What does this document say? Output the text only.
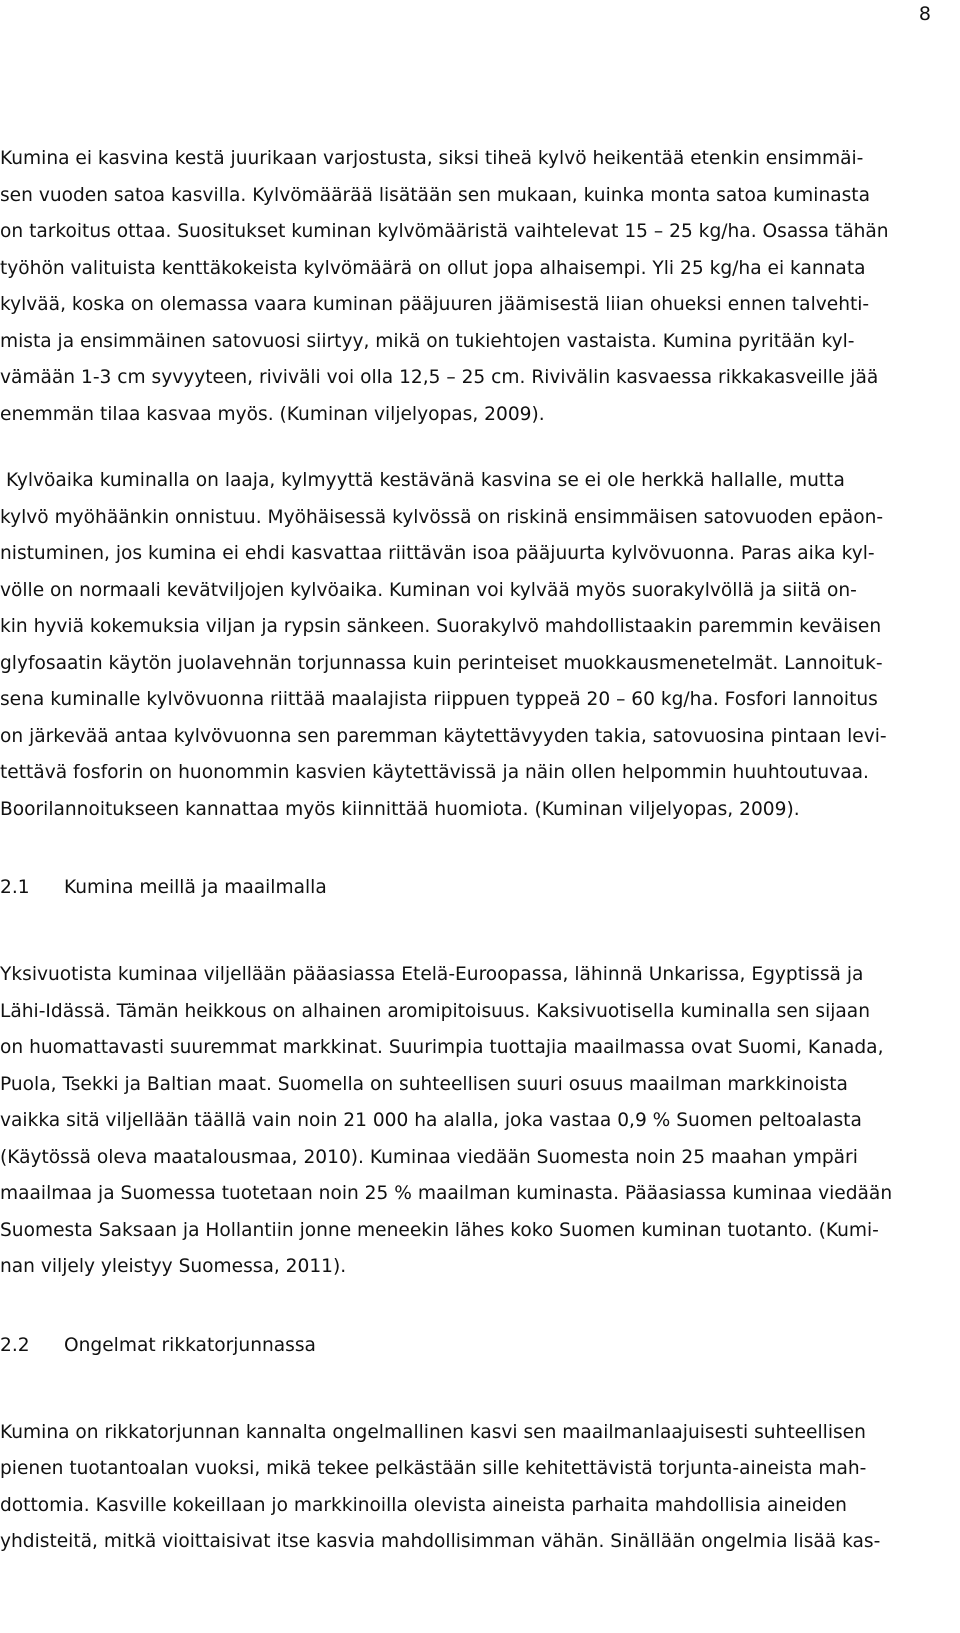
8
Kumina ei kasvina kestä juurikaan varjostusta, siksi tiheä kylvö heikentää etenkin ensimmäi-
sen vuoden satoa kasvilla. Kylvömäärää lisätään sen mukaan, kuinka monta satoa kuminasta
on tarkoitus ottaa. Suositukset kuminan kylvömääristä vaihtelevat 15 – 25 kg/ha. Osassa tähän
työhön valituista kenttäkokeista kylvömäärä on ollut jopa alhaisempi. Yli 25 kg/ha ei kannata
kylvää, koska on olemassa vaara kuminan pääjuuren jäämisestä liian ohueksi ennen talvehti-
mista ja ensimmäinen satovuosi siirtyy, mikä on tukiehtojen vastaista. Kumina pyritään kyl-
vämään 1-3 cm syvyyteen, riviväli voi olla 12,5 – 25 cm. Rivivälin kasvaessa rikkakasveille jää
enemmän tilaa kasvaa myös. (Kuminan viljelyopas, 2009).
Kylvöaika kuminalla on laaja, kylmyyttä kestävänä kasvina se ei ole herkkä hallalle, mutta
kylvö myöhäänkin onnistuu. Myöhäisessä kylvössä on riskinä ensimmäisen satovuoden epäon-
nistuminen, jos kumina ei ehdi kasvattaa riittävän isoa pääjuurta kylvövuonna. Paras aika kyl-
völle on normaali kevätviljojen kylvöaika. Kuminan voi kylvää myös suorakylvöllä ja siitä on-
kin hyviä kokemuksia viljan ja rypsin sänkeen. Suorakylvö mahdollistaakin paremmin keväisen
glyfosaatin käytön juolavehnän torjunnassa kuin perinteiset muokkausmenetelmät. Lannoituk-
sena kuminalle kylvövuonna riittää maalajista riippuen typpeä 20 – 60 kg/ha. Fosfori lannoitus
on järkevää antaa kylvövuonna sen paremman käytettävyyden takia, satovuosina pintaan levi-
tettävä fosforin on huonommin kasvien käytettävissä ja näin ollen helpommin huuhtoutuvaa.
Boorilannoitukseen kannattaa myös kiinnittää huomiota. (Kuminan viljelyopas, 2009).
2.1 Kumina meillä ja maailmalla
Yksivuotista kuminaa viljellään pääasiassa Etelä-Euroopassa, lähinnä Unkarissa, Egyptissä ja
Lähi-Idässä. Tämän heikkous on alhainen aromipitoisuus. Kaksivuotisella kuminalla sen sijaan
on huomattavasti suuremmat markkinat. Suurimpia tuottajia maailmassa ovat Suomi, Kanada,
Puola, Tsekki ja Baltian maat. Suomella on suhteellisen suuri osuus maailman markkinoista
vaikka sitä viljellään täällä vain noin 21 000 ha alalla, joka vastaa 0,9 % Suomen peltoalasta
(Käytössä oleva maatalousmaa, 2010). Kuminaa viedään Suomesta noin 25 maahan ympäri
maailmaa ja Suomessa tuotetaan noin 25 % maailman kuminasta. Pääasiassa kuminaa viedään
Suomesta Saksaan ja Hollantiin jonne meneekin lähes koko Suomen kuminan tuotanto. (Kumi-
nan viljely yleistyy Suomessa, 2011).
2.2 Ongelmat rikkatorjunnassa
Kumina on rikkatorjunnan kannalta ongelmallinen kasvi sen maailmanlaajuisesti suhteellisen
pienen tuotantoalan vuoksi, mikä tekee pelkästään sille kehitettävistä torjunta-aineista mah-
dottomia. Kasville kokeillaan jo markkinoilla olevista aineista parhaita mahdollisia aineiden
yhdisteitä, mitkä vioittaisivat itse kasvia mahdollisimman vähän. Sinällään ongelmia lisää kas-
